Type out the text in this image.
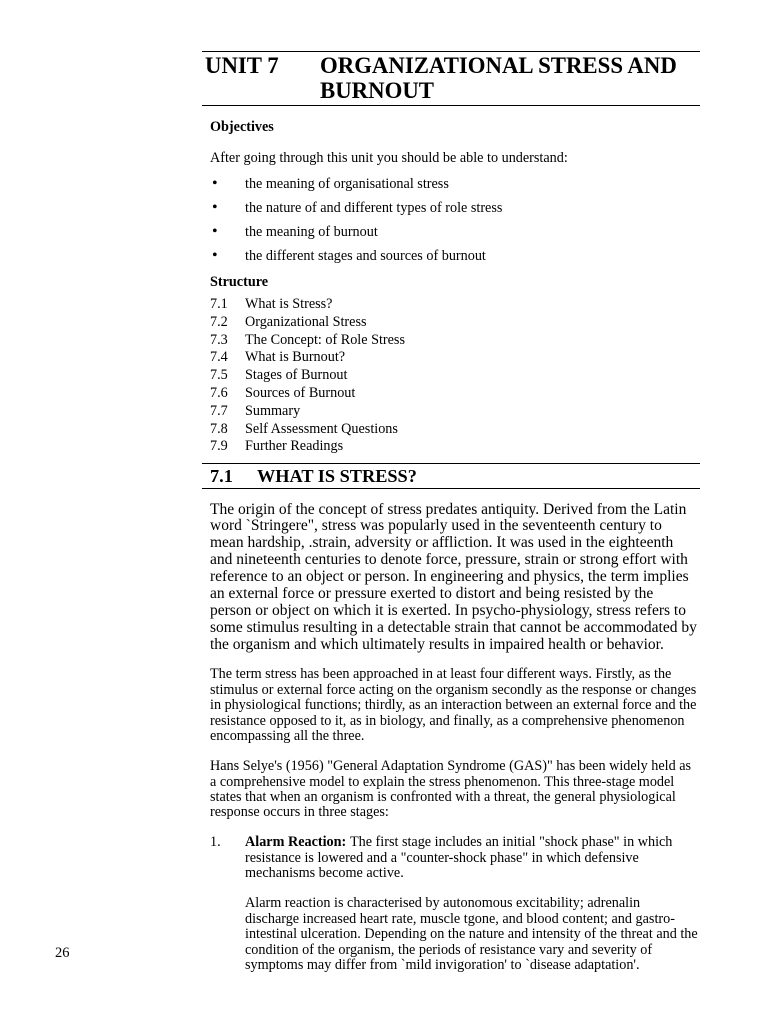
UNIT 7 ORGANIZATIONAL STRESS AND
BURNOUT
Objectives
After going through this unit you should be able to understand:
• the meaning of organisational stress
• the nature of and different types of role stress
• the meaning of burnout
• the different stages and sources of burnout
Structure
7.1 What is Stress?
7.2 Organizational Stress
7.3 The Concept: of Role Stress
7.4 What is Burnout?
7.5 Stages of Burnout
7.6 Sources of Burnout
7.7 Summary
7.8 Self Assessment Questions
7.9 Further Readings
7.1 WHAT IS STRESS?
The origin of the concept of stress predates antiquity. Derived from the Latin
word `Stringere", stress was popularly used in the seventeenth century to
mean hardship, .strain, adversity or affliction. It was used in the eighteenth
and nineteenth centuries to denote force, pressure, strain or strong effort with
reference to an object or person. In engineering and physics, the term implies
an external force or pressure exerted to distort and being resisted by the
person or object on which it is exerted. In psycho-physiology, stress refers to
some stimulus resulting in a detectable strain that cannot be accommodated by
the organism and which ultimately results in impaired health or behavior.
The term stress has been approached in at least four different ways. Firstly, as the
stimulus or external force acting on the organism secondly as the response or changes
in physiological functions; thirdly, as an interaction between an external force and the
resistance opposed to it, as in biology, and finally, as a comprehensive phenomenon
encompassing all the three.
Hans Selye's (1956) "General Adaptation Syndrome (GAS)" has been widely held as
a comprehensive model to explain the stress phenomenon. This three-stage model
states that when an organism is confronted with a threat, the general physiological
response occurs in three stages:
1. Alarm Reaction: The first stage includes an initial "shock phase" in which
resistance is lowered and a "counter-shock phase" in which defensive
mechanisms become active.
Alarm reaction is characterised by autonomous excitability; adrenalin
discharge increased heart rate, muscle tgone, and blood content; and gastro-
intestinal ulceration. Depending on the nature and intensity of the threat and the
condition of the organism, the periods of resistance vary and severity of
symptoms may differ from `mild invigoration' to `disease adaptation'.
26
